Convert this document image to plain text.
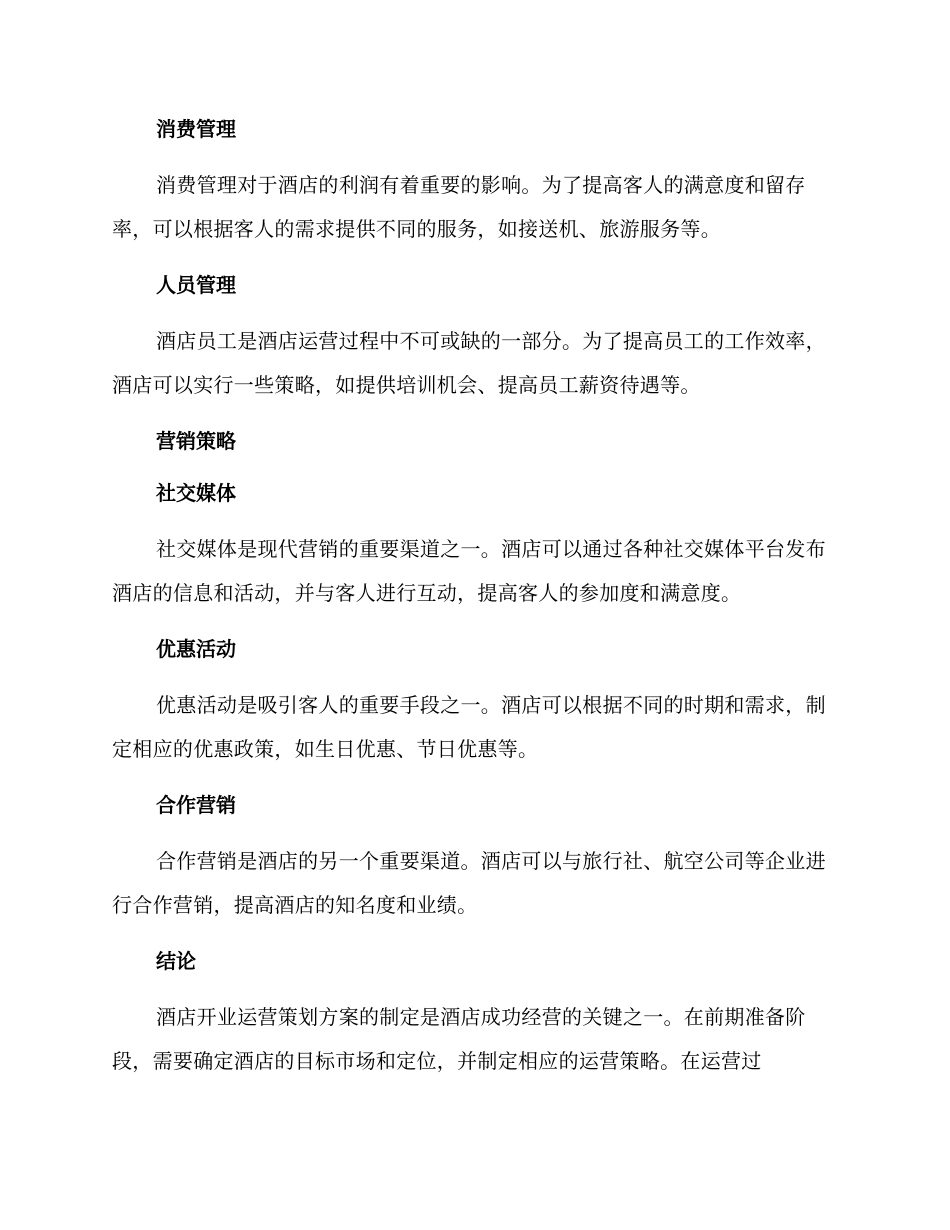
消费管理
消费管理对于酒店的利润有着重要的影响。为了提高客人的满意度和留存率，可以根据客人的需求提供不同的服务，如接送机、旅游服务等。
人员管理
酒店员工是酒店运营过程中不可或缺的一部分。为了提高员工的工作效率，酒店可以实行一些策略，如提供培训机会、提高员工薪资待遇等。
营销策略
社交媒体
社交媒体是现代营销的重要渠道之一。酒店可以通过各种社交媒体平台发布酒店的信息和活动，并与客人进行互动，提高客人的参加度和满意度。
优惠活动
优惠活动是吸引客人的重要手段之一。酒店可以根据不同的时期和需求，制定相应的优惠政策，如生日优惠、节日优惠等。
合作营销
合作营销是酒店的另一个重要渠道。酒店可以与旅行社、航空公司等企业进行合作营销，提高酒店的知名度和业绩。
结论
酒店开业运营策划方案的制定是酒店成功经营的关键之一。在前期准备阶段，需要确定酒店的目标市场和定位，并制定相应的运营策略。在运营过
